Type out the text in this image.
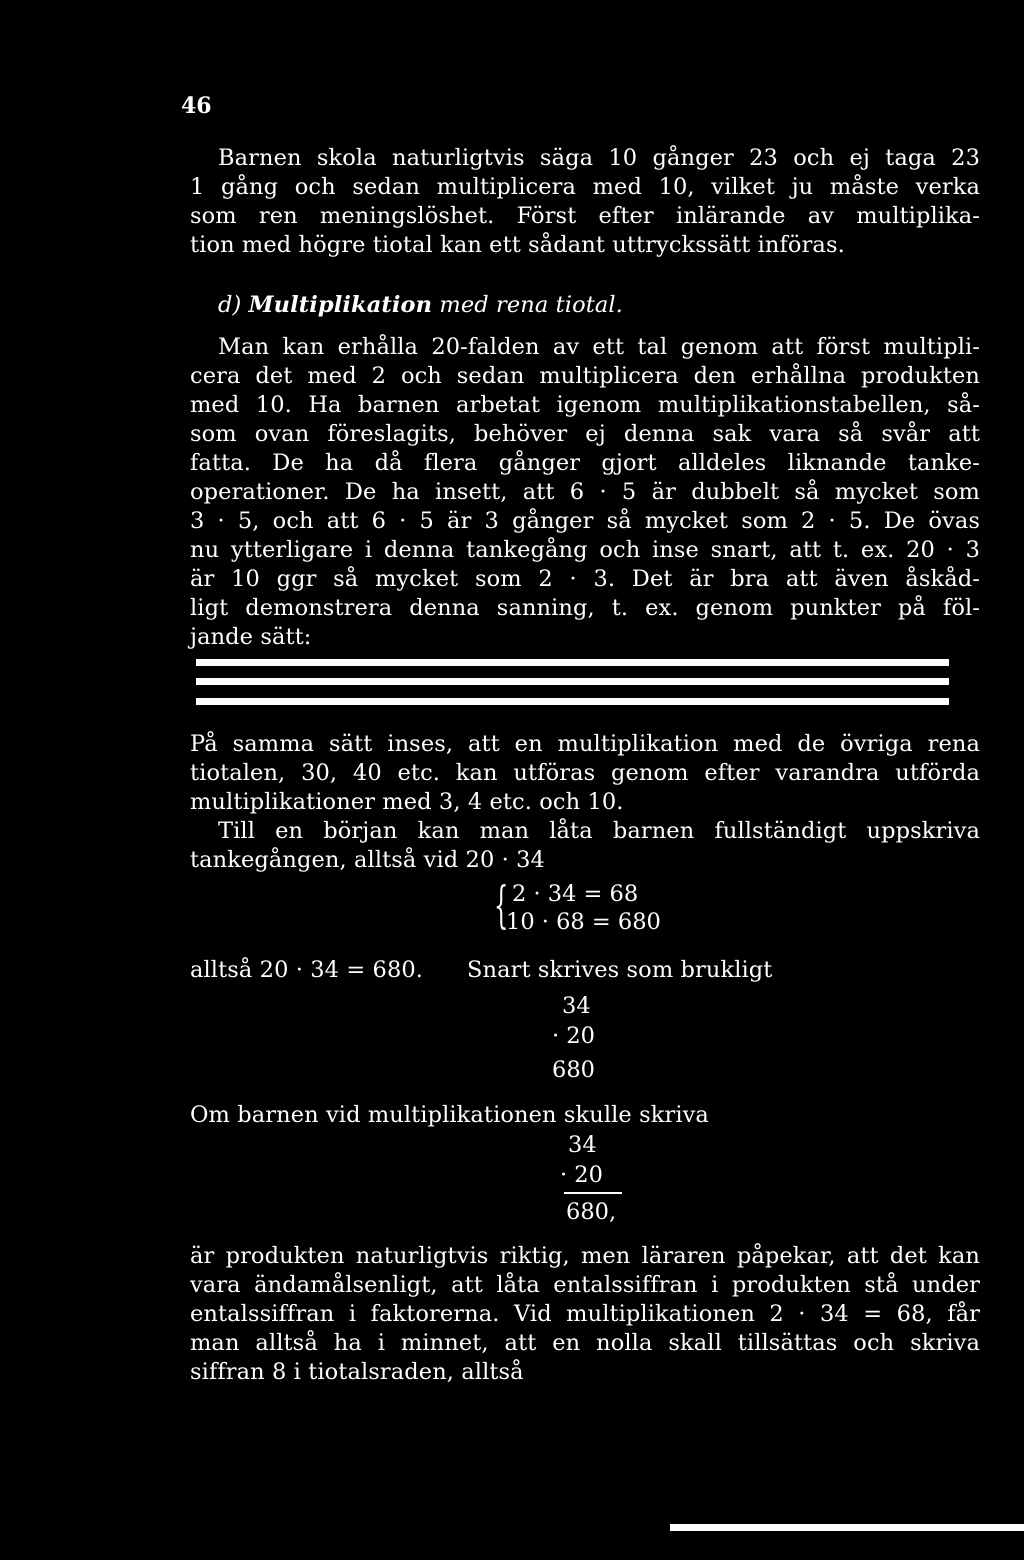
46
Barnen skola naturligtvis säga 10 gånger 23 och ej taga 23
1 gång och sedan multiplicera med 10, vilket ju måste verka
som ren meningslöshet. Först efter inlärande av multiplika-
tion med högre tiotal kan ett sådant uttryckssätt införas.
d) Multiplikation med rena tiotal.
Man kan erhålla 20-falden av ett tal genom att först multipli-
cera det med 2 och sedan multiplicera den erhållna produkten
med 10. Ha barnen arbetat igenom multiplikationstabellen, så-
som ovan föreslagits, behöver ej denna sak vara så svår att
fatta. De ha då flera gånger gjort alldeles liknande tanke-
operationer. De ha insett, att 6 · 5 är dubbelt så mycket som
3 · 5, och att 6 · 5 är 3 gånger så mycket som 2 · 5. De övas
nu ytterligare i denna tankegång och inse snart, att t. ex. 20 · 3
är 10 ggr så mycket som 2 · 3. Det är bra att även åskåd-
ligt demonstrera denna sanning, t. ex. genom punkter på föl-
jande sätt:
På samma sätt inses, att en multiplikation med de övriga rena
tiotalen, 30, 40 etc. kan utföras genom efter varandra utförda
multiplikationer med 3, 4 etc. och 10.
Till en början kan man låta barnen fullständigt uppskriva
tankegången, alltså vid 20 · 34
{ 2 · 34 = 68
10 · 68 = 680
alltså 20 · 34 = 680. Snart skrives som brukligt
34
· 20
680
Om barnen vid multiplikationen skulle skriva
34
· 20
680,
är produkten naturligtvis riktig, men läraren påpekar, att det kan
vara ändamålsenligt, att låta entalssiffran i produkten stå under
entalssiffran i faktorerna. Vid multiplikationen 2 · 34 = 68, får
man alltså ha i minnet, att en nolla skall tillsättas och skriva
siffran 8 i tiotalsraden, alltså
